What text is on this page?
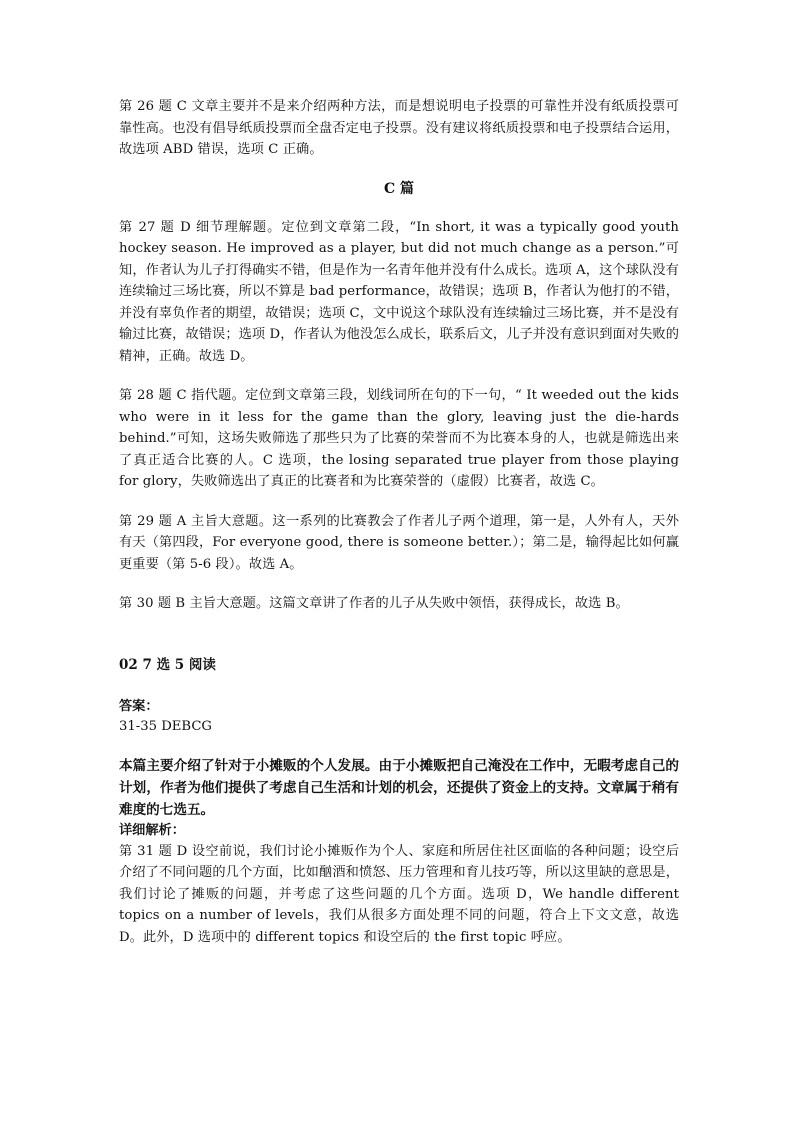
第 26 题 C 文章主要并不是来介绍两种方法，而是想说明电子投票的可靠性并没有纸质投票可靠性高。也没有倡导纸质投票而全盘否定电子投票。没有建议将纸质投票和电子投票结合运用，故选项 ABD 错误，选项 C 正确。

C 篇

第 27 题 D 细节理解题。定位到文章第二段，“In short, it was a typically good youth hockey season. He improved as a player, but did not much change as a person.”可知，作者认为儿子打得确实不错，但是作为一名青年他并没有什么成长。选项 A，这个球队没有连续输过三场比赛，所以不算是 bad performance，故错误；选项 B，作者认为他打的不错，并没有辜负作者的期望，故错误；选项 C，文中说这个球队没有连续输过三场比赛，并不是没有输过比赛，故错误；选项 D，作者认为他没怎么成长，联系后文，儿子并没有意识到面对失败的精神，正确。故选 D。

第 28 题 C 指代题。定位到文章第三段，划线词所在句的下一句，“ It weeded out the kids who were in it less for the game than the glory, leaving just the die-hards behind.”可知，这场失败筛选了那些只为了比赛的荣誉而不为比赛本身的人，也就是筛选出来了真正适合比赛的人。C 选项，the losing separated true player from those playing for glory，失败筛选出了真正的比赛者和为比赛荣誉的（虚假）比赛者，故选 C。

第 29 题 A 主旨大意题。这一系列的比赛教会了作者儿子两个道理，第一是，人外有人，天外有天（第四段，For everyone good, there is someone better.）；第二是，输得起比如何赢更重要（第 5-6 段）。故选 A。

第 30 题 B 主旨大意题。这篇文章讲了作者的儿子从失败中领悟，获得成长，故选 B。

02 7 选 5 阅读

答案：

31-35 DEBCG

本篇主要介绍了针对于小摊贩的个人发展。由于小摊贩把自己淹没在工作中，无暇考虑自己的计划，作者为他们提供了考虑自己生活和计划的机会，还提供了资金上的支持。文章属于稍有难度的七选五。

详细解析：

第 31 题 D 设空前说，我们讨论小摊贩作为个人、家庭和所居住社区面临的各种问题；设空后介绍了不同问题的几个方面，比如酗酒和愤怒、压力管理和育儿技巧等，所以这里缺的意思是，我们讨论了摊贩的问题，并考虑了这些问题的几个方面。选项 D，We handle different topics on a number of levels，我们从很多方面处理不同的问题，符合上下文文意，故选 D。此外，D 选项中的 different topics 和设空后的 the first topic 呼应。
